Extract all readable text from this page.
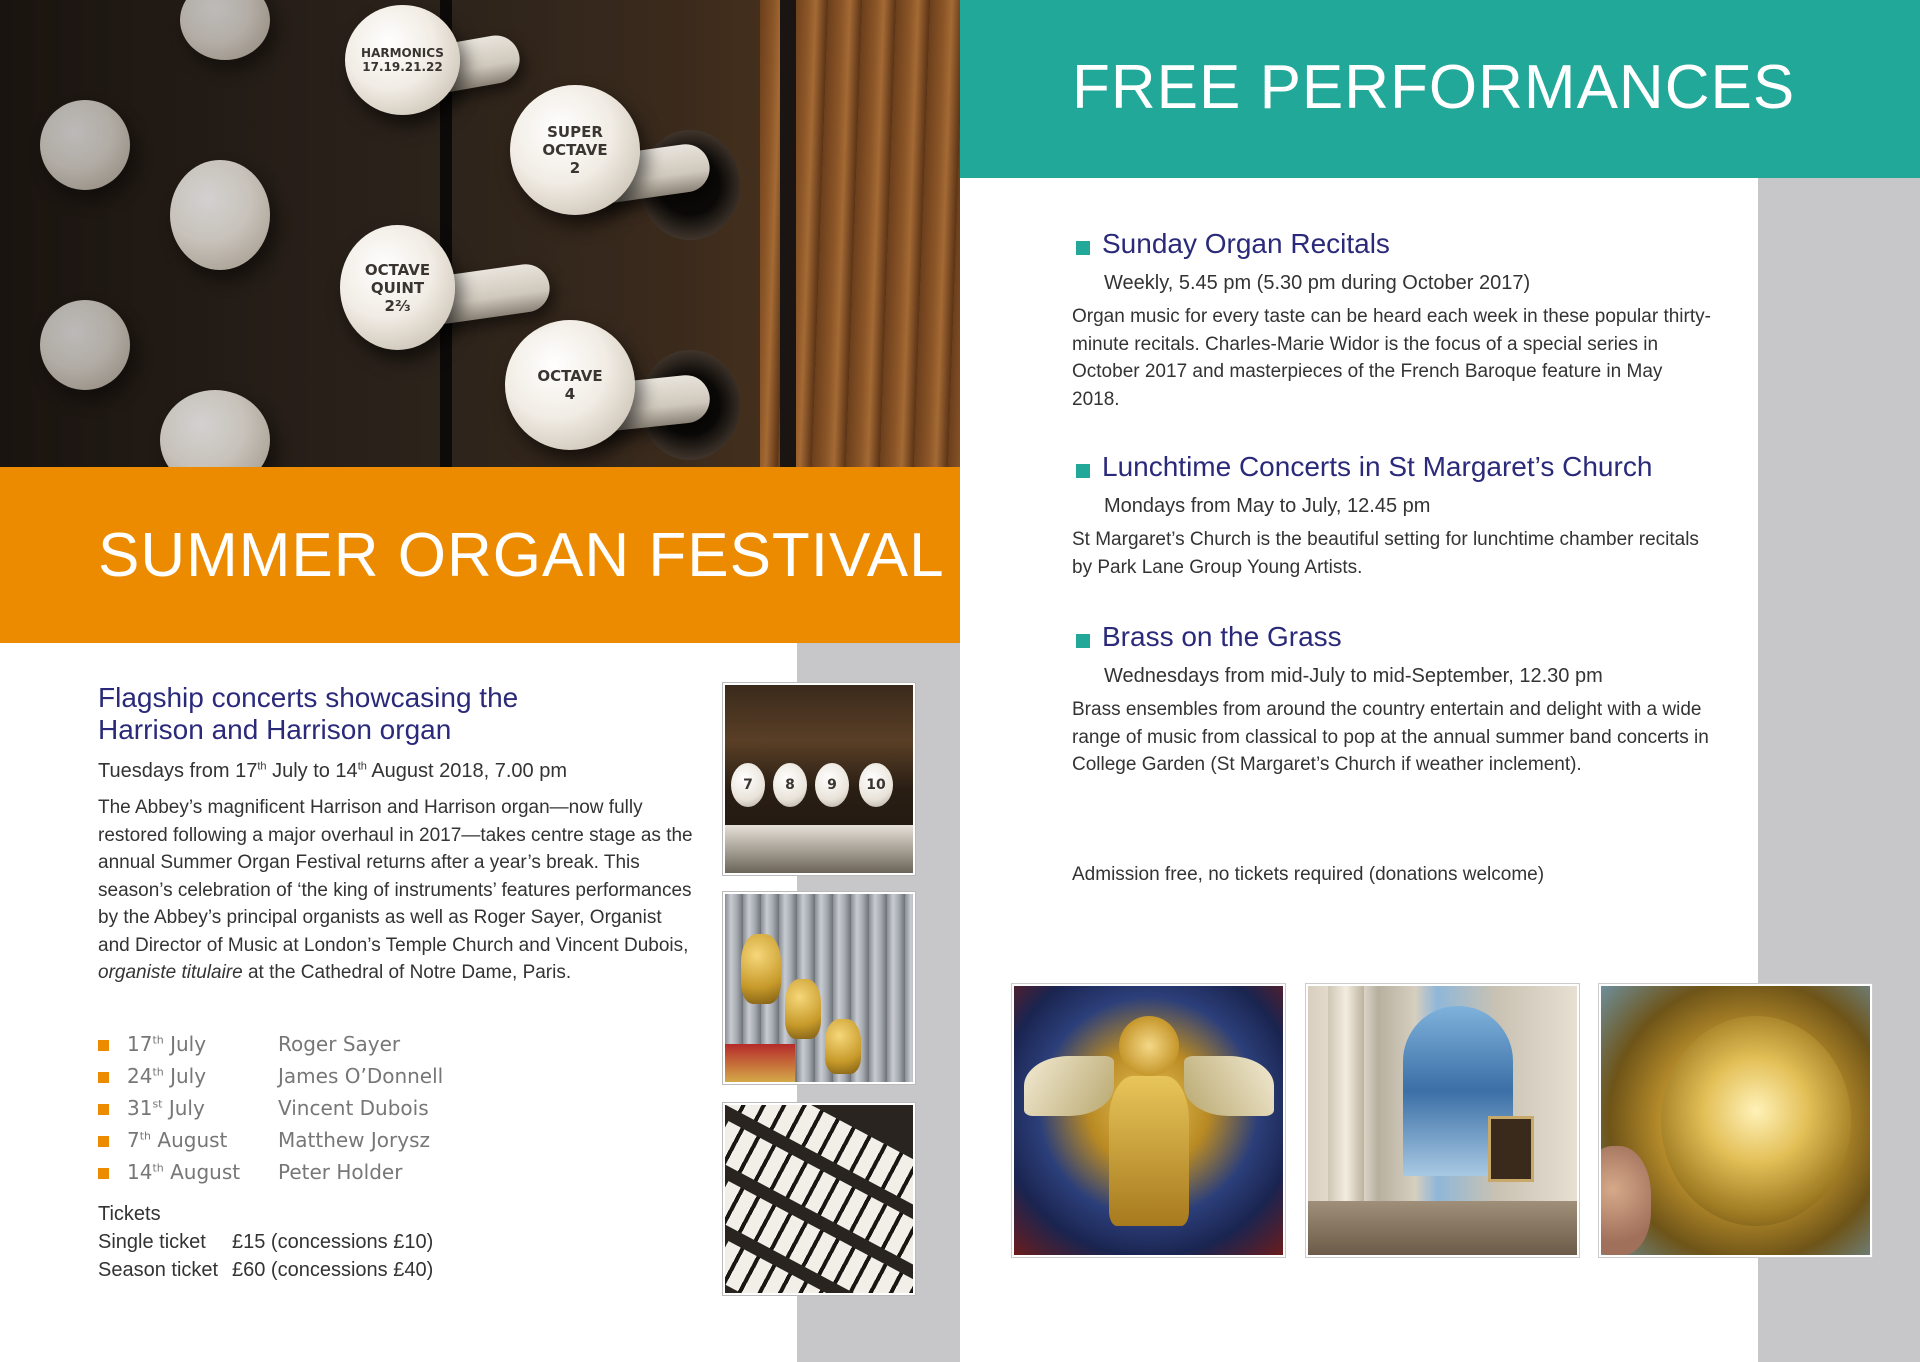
SUPER
OCTAVE
2
OCTAVE
4
OCTAVE
QUINT
2⅔
HARMONICS
17.19.21.22
SUMMER ORGAN FESTIVAL
7	8	9	10
Flagship concerts showcasing the Harrison and Harrison organ
Tuesdays from 17th July to 14th August 2018, 7.00 pm
The Abbey’s magnificent Harrison and Harrison organ—now fully restored following a major overhaul in 2017—takes centre stage as the annual Summer Organ Festival returns after a year’s break. This season’s celebration of ‘the king of instruments’ features performances by the Abbey’s principal organists as well as Roger Sayer, Organist and Director of Music at London’s Temple Church and Vincent Dubois, organiste titulaire at the Cathedral of Notre Dame, Paris.
17th July	Roger Sayer
24th July	James O’Donnell
31st July	Vincent Dubois
7th August	Matthew Jorysz
14th August Peter Holder
Tickets
Single ticket £15 (concessions £10)
Season ticket £60 (concessions £40)
FREE PERFORMANCES
Sunday Organ Recitals
Weekly, 5.45 pm (5.30 pm during October 2017)
Organ music for every taste can be heard each week in these popular thirty-minute recitals. Charles-Marie Widor is the focus of a special series in October 2017 and masterpieces of the French Baroque feature in May 2018.
Lunchtime Concerts in St Margaret’s Church
Mondays from May to July, 12.45 pm
St Margaret’s Church is the beautiful setting for lunchtime chamber recitals by Park Lane Group Young Artists.
Brass on the Grass
Wednesdays from mid-July to mid-September, 12.30 pm
Brass ensembles from around the country entertain and delight with a wide range of music from classical to pop at the annual summer band concerts in College Garden (St Margaret’s Church if weather inclement).
Admission free, no tickets required (donations welcome)
